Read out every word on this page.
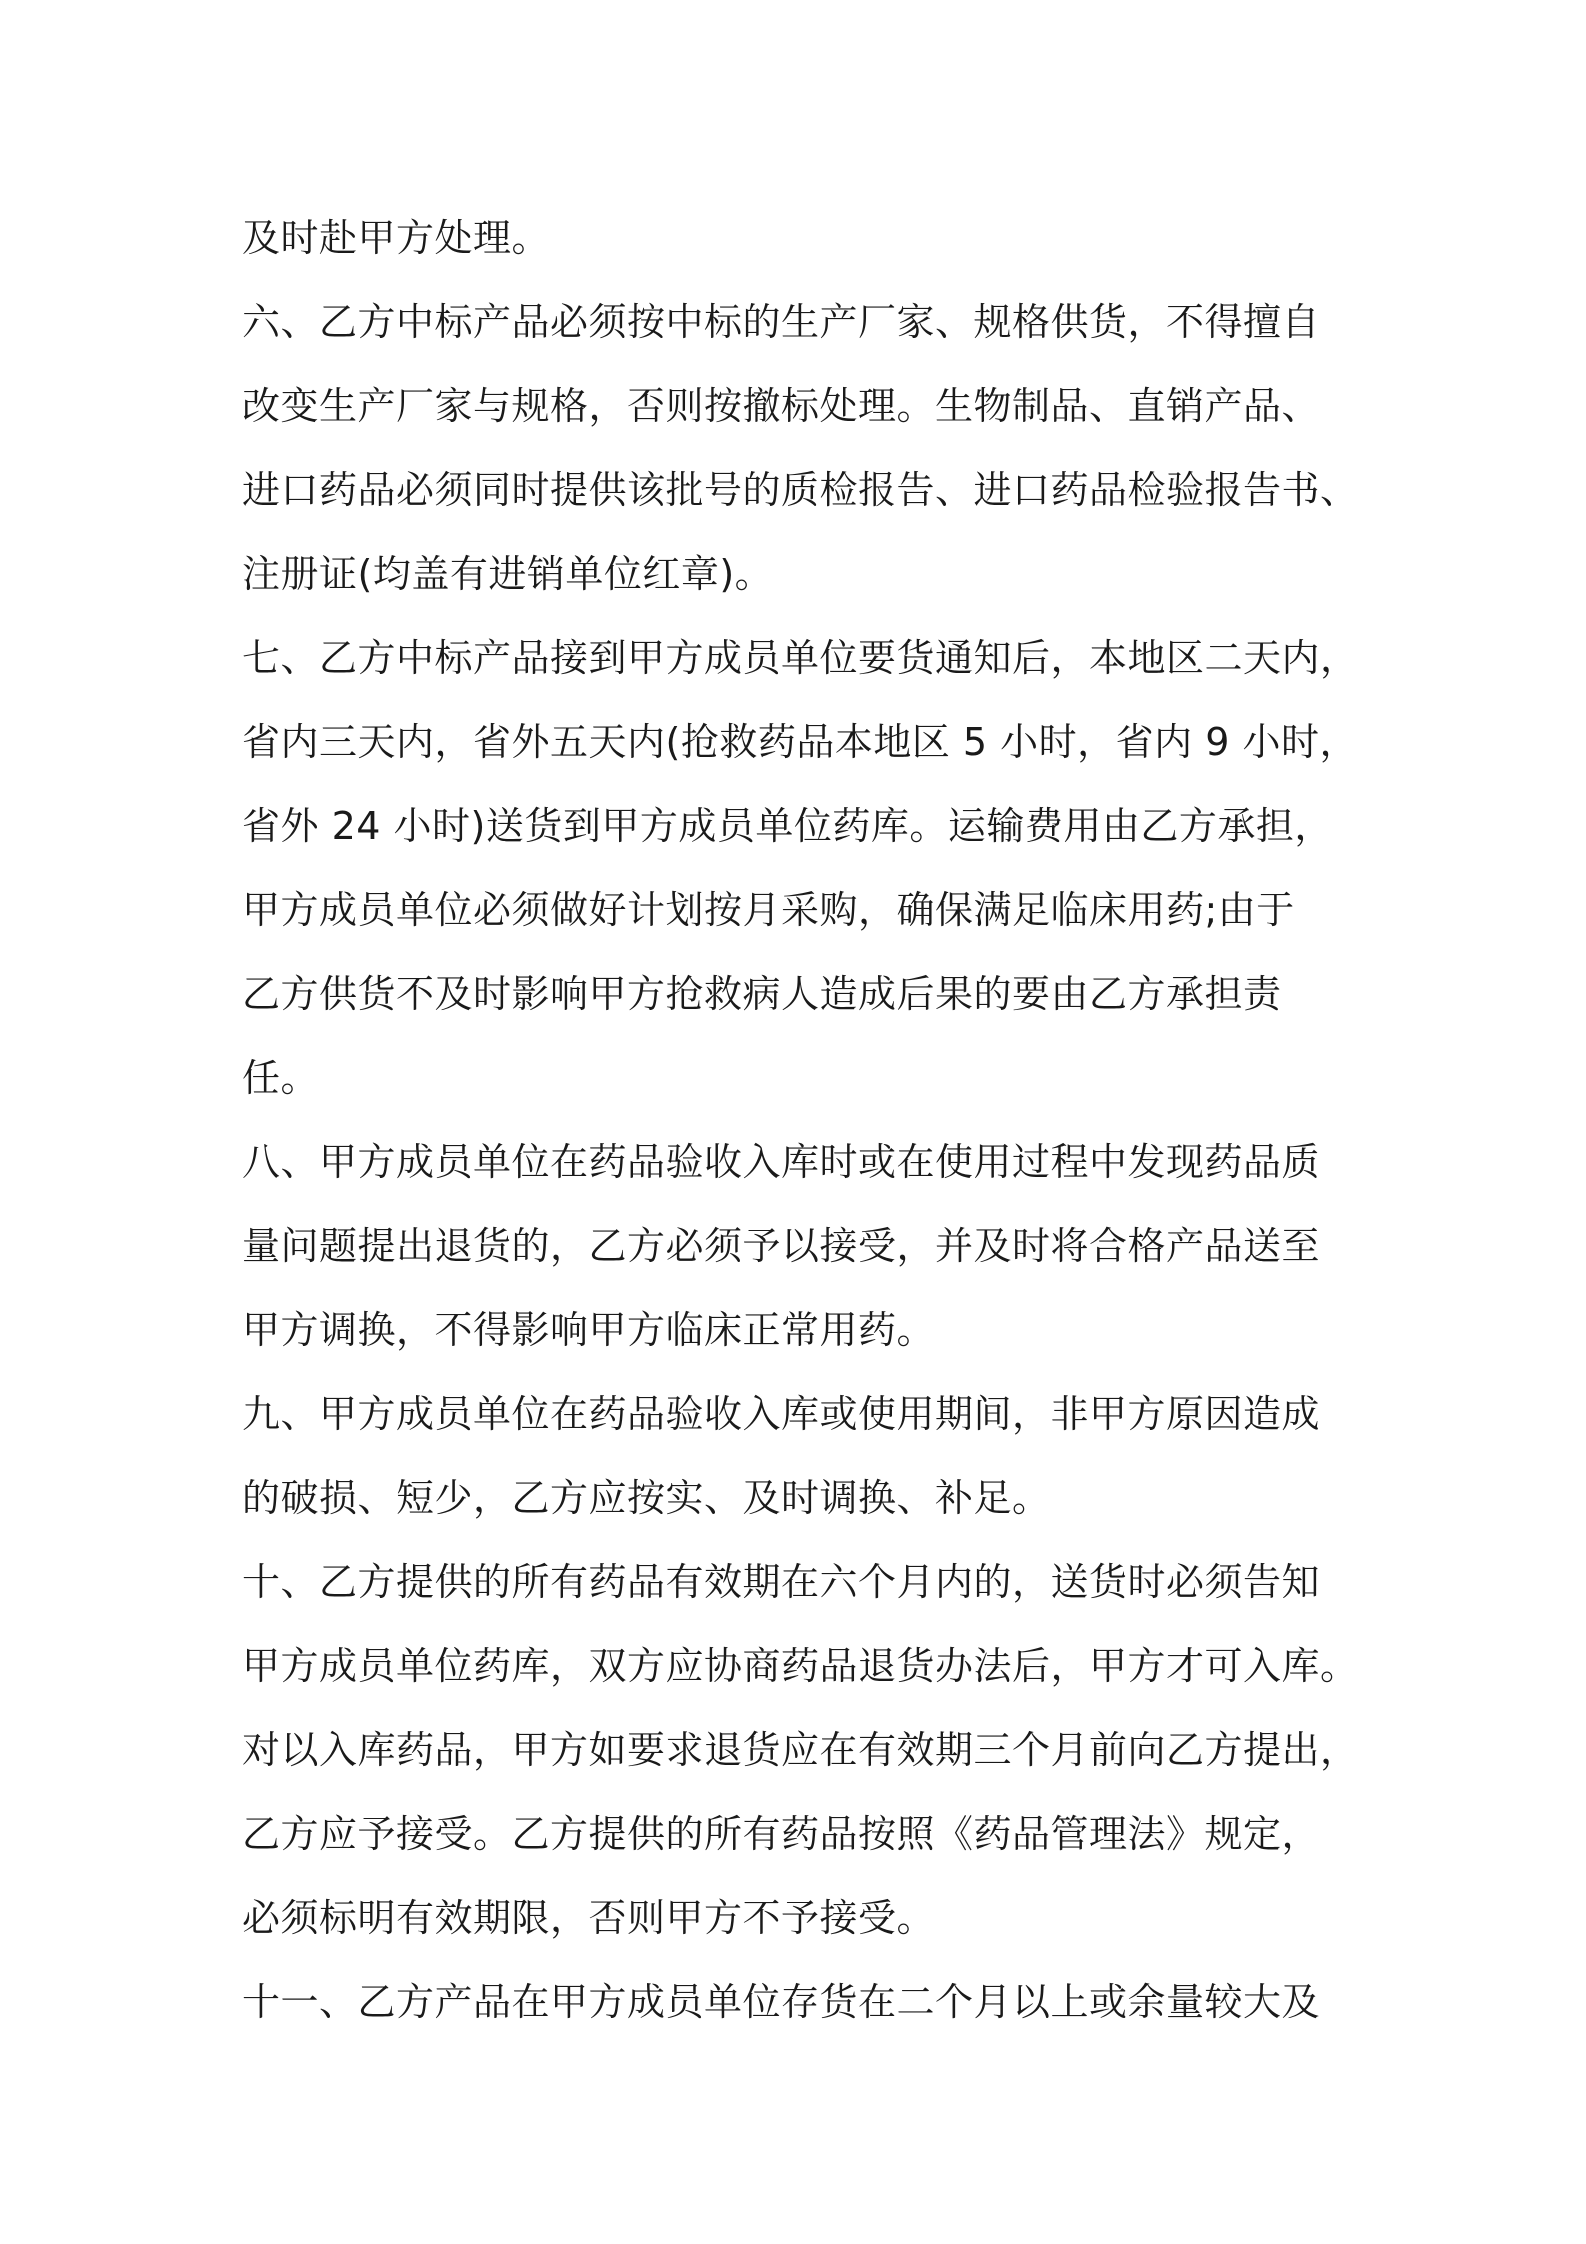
及时赴甲方处理。
六、乙方中标产品必须按中标的生产厂家、规格供货，不得擅自
改变生产厂家与规格，否则按撤标处理。生物制品、直销产品、
进口药品必须同时提供该批号的质检报告、进口药品检验报告书、
注册证(均盖有进销单位红章)。
七、乙方中标产品接到甲方成员单位要货通知后，本地区二天内，
省内三天内，省外五天内(抢救药品本地区 5 小时，省内 9 小时，
省外 24 小时)送货到甲方成员单位药库。运输费用由乙方承担，
甲方成员单位必须做好计划按月采购，确保满足临床用药;由于
乙方供货不及时影响甲方抢救病人造成后果的要由乙方承担责
任。
八、甲方成员单位在药品验收入库时或在使用过程中发现药品质
量问题提出退货的，乙方必须予以接受，并及时将合格产品送至
甲方调换，不得影响甲方临床正常用药。
九、甲方成员单位在药品验收入库或使用期间，非甲方原因造成
的破损、短少，乙方应按实、及时调换、补足。
十、乙方提供的所有药品有效期在六个月内的，送货时必须告知
甲方成员单位药库，双方应协商药品退货办法后，甲方才可入库。
对以入库药品，甲方如要求退货应在有效期三个月前向乙方提出，
乙方应予接受。乙方提供的所有药品按照《药品管理法》规定，
必须标明有效期限，否则甲方不予接受。
十一、乙方产品在甲方成员单位存货在二个月以上或余量较大及
